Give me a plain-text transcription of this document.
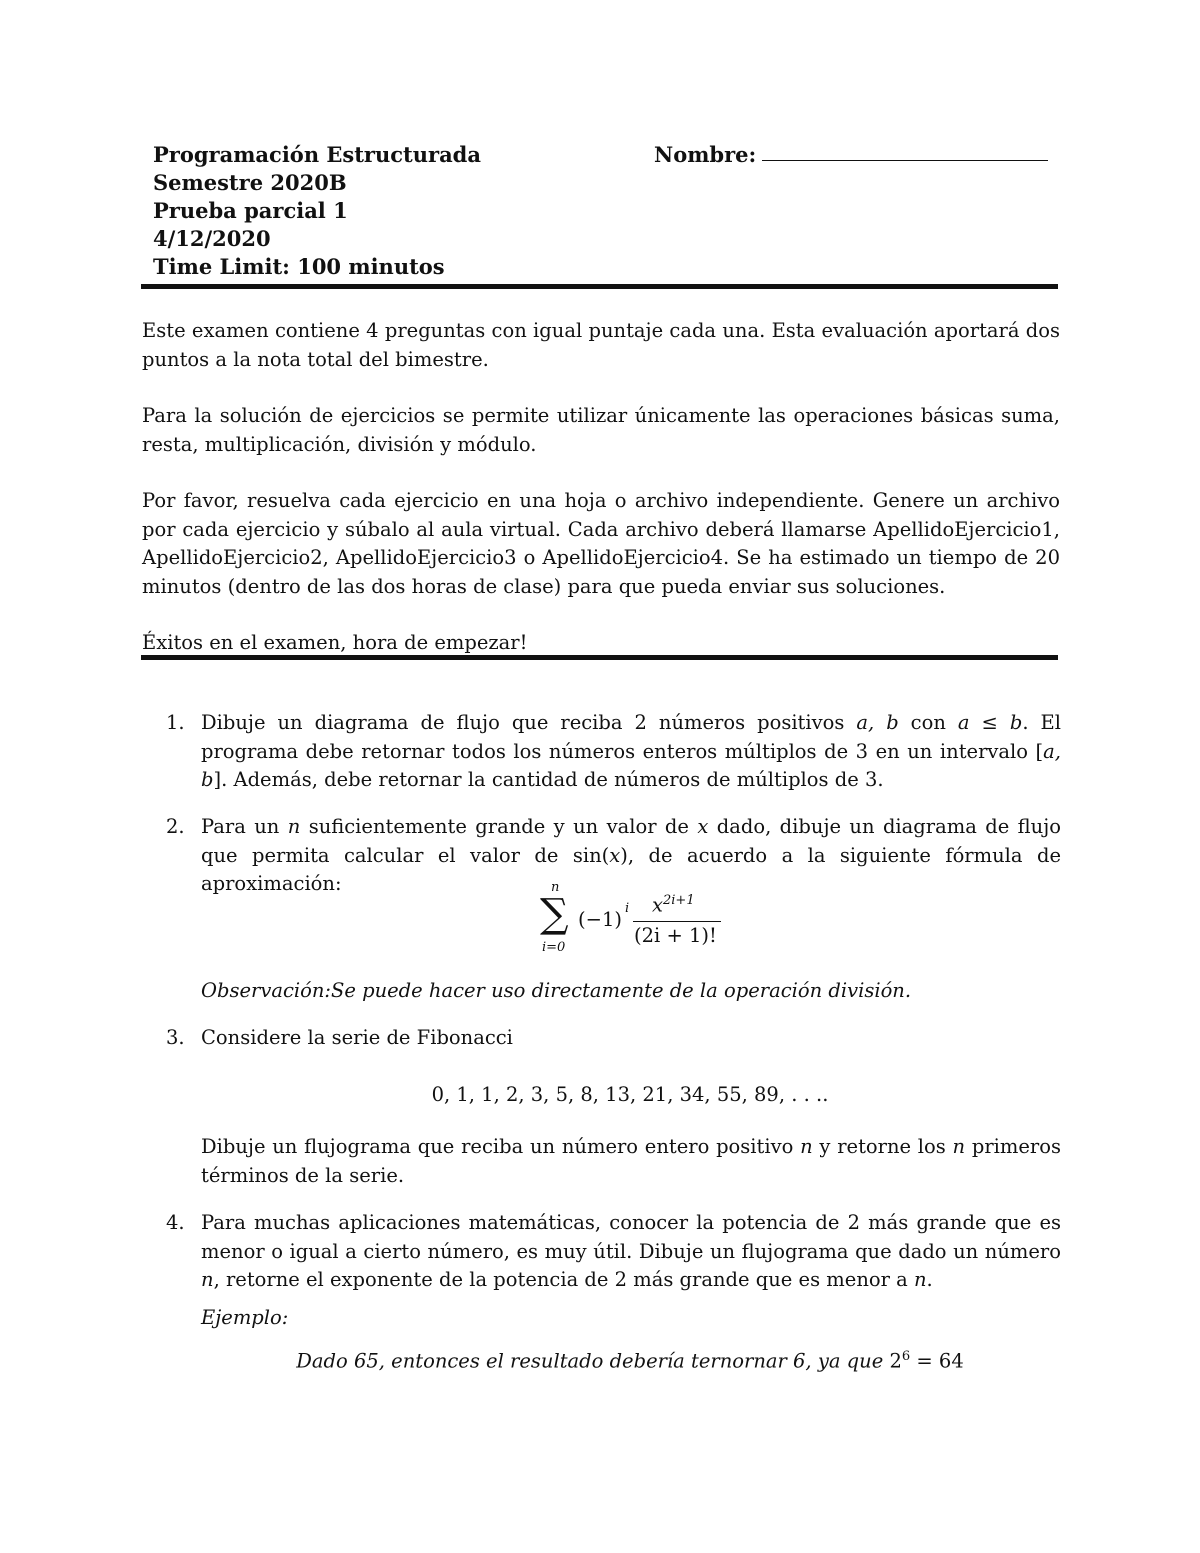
Programación Estructurada
Semestre 2020B
Prueba parcial 1
4/12/2020
Time Limit: 100 minutos
Nombre:
Este examen contiene 4 preguntas con igual puntaje cada una. Esta evaluación aportará dos puntos a la nota total del bimestre.
Para la solución de ejercicios se permite utilizar únicamente las operaciones básicas suma, resta, multiplicación, división y módulo.
Por favor, resuelva cada ejercicio en una hoja o archivo independiente. Genere un archivo por cada ejercicio y súbalo al aula virtual. Cada archivo deberá llamarse ApellidoEjercicio1, ApellidoEjercicio2, ApellidoEjercicio3 o ApellidoEjercicio4. Se ha estimado un tiempo de 20 minutos (dentro de las dos horas de clase) para que pueda enviar sus soluciones.
Éxitos en el examen, hora de empezar!
1. Dibuje un diagrama de flujo que reciba 2 números positivos a, b con a ≤ b. El programa debe retornar todos los números enteros múltiplos de 3 en un intervalo [a, b]. Además, debe retornar la cantidad de números de múltiplos de 3.
2. Para un n suficientemente grande y un valor de x dado, dibuje un diagrama de flujo que permita calcular el valor de sin(x), de acuerdo a la siguiente fórmula de aproximación:	n
∑
i=0
(−1) i $x^{2i+1}$
(2i + 1)!
Observación:Se puede hacer uso directamente de la operación división.
3. Considere la serie de Fibonacci
0, 1, 1, 2, 3, 5, 8, 13, 21, 34, 55, 89, . . ..
Dibuje un flujograma que reciba un número entero positivo n y retorne los n primeros términos de la serie.
4. Para muchas aplicaciones matemáticas, conocer la potencia de 2 más grande que es menor o igual a cierto número, es muy útil. Dibuje un flujograma que dado un número n, retorne el exponente de la potencia de 2 más grande que es menor a n.
Ejemplo:
Dado 65, entonces el resultado debería ternornar 6, ya que $2^6 = 64$
